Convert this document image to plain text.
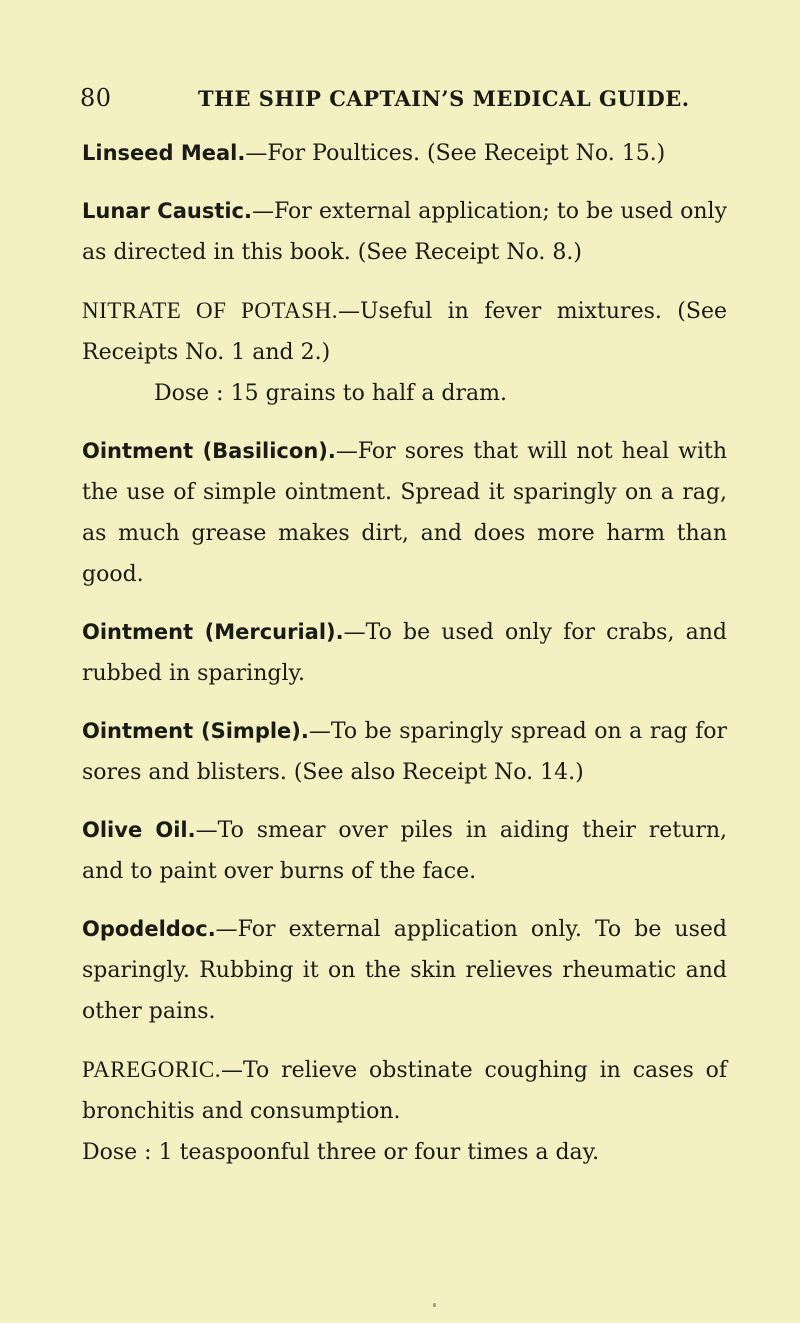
80	THE SHIP CAPTAIN’S MEDICAL GUIDE.

Linseed Meal.—For Poultices. (See Receipt No. 15.)

Lunar Caustic.—For external application; to be used only as directed in this book. (See Receipt No. 8.)

NITRATE OF POTASH.—Useful in fever mixtures. (See Receipts No. 1 and 2.)
Dose : 15 grains to half a dram.

Ointment (Basilicon).—For sores that will not heal with the use of simple ointment. Spread it sparingly on a rag, as much grease makes dirt, and does more harm than good.

Ointment (Mercurial).—To be used only for crabs, and rubbed in sparingly.

Ointment (Simple).—To be sparingly spread on a rag for sores and blisters. (See also Receipt No. 14.)

Olive Oil.—To smear over piles in aiding their return, and to paint over burns of the face.

Opodeldoc.—For external application only. To be used sparingly. Rubbing it on the skin relieves rheumatic and other pains.

PAREGORIC.—To relieve obstinate coughing in cases of bronchitis and consumption.
Dose : 1 teaspoonful three or four times a day.
